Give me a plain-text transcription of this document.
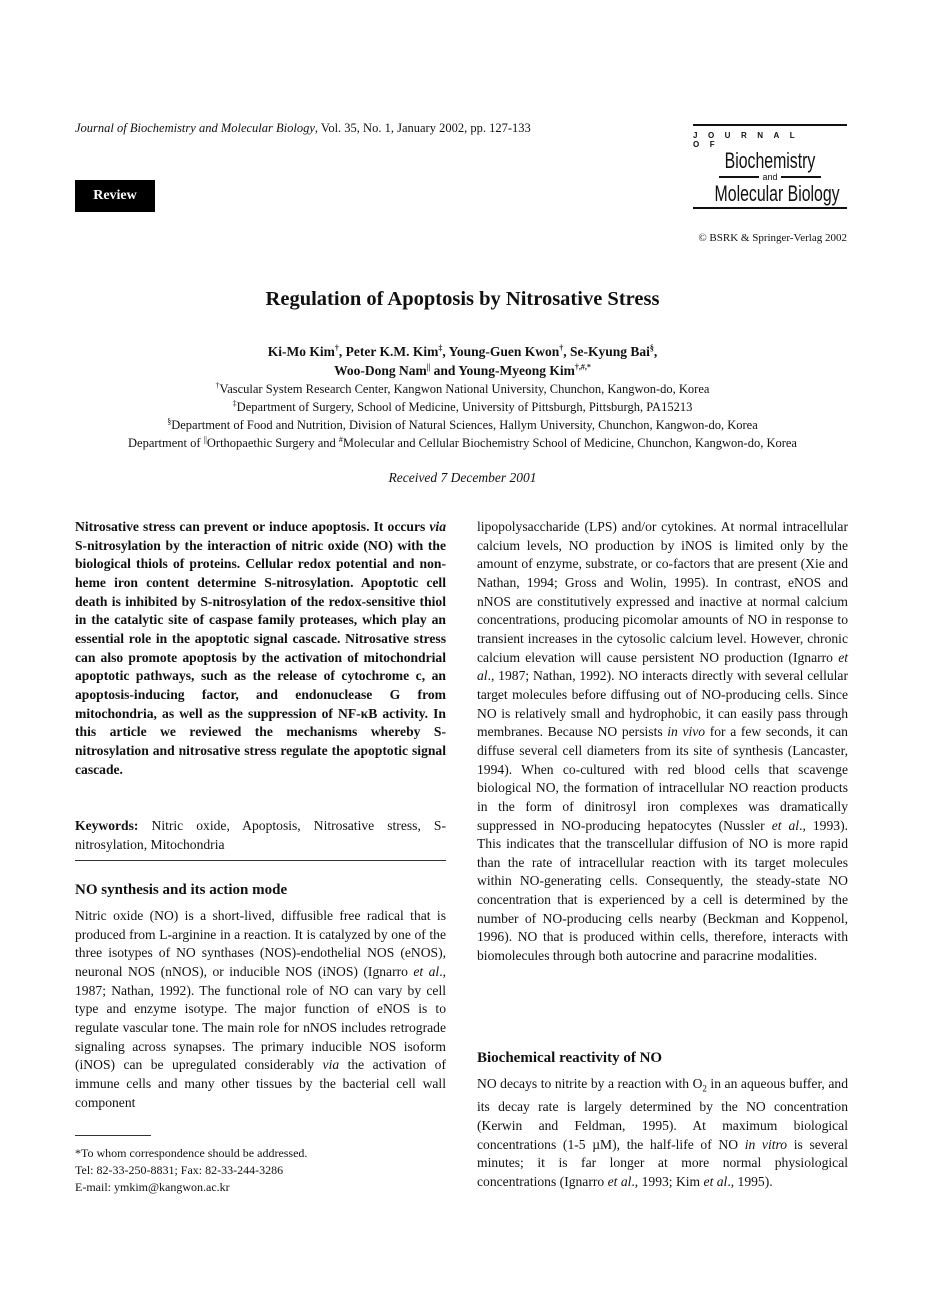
Journal of Biochemistry and Molecular Biology, Vol. 35, No. 1, January 2002, pp. 127-133
Review
JOURNAL OF
Biochemistry
and
Molecular Biology
© BSRK & Springer-Verlag 2002
Regulation of Apoptosis by Nitrosative Stress
Ki-Mo Kim†, Peter K.M. Kim‡, Young-Guen Kwon†, Se-Kyung Bai§,
Woo-Dong Nam|| and Young-Myeong Kim†,#,*
†Vascular System Research Center, Kangwon National University, Chunchon, Kangwon-do, Korea
‡Department of Surgery, School of Medicine, University of Pittsburgh, Pittsburgh, PA15213
§Department of Food and Nutrition, Division of Natural Sciences, Hallym University, Chunchon, Kangwon-do, Korea
Department of ||Orthopaethic Surgery and #Molecular and Cellular Biochemistry School of Medicine, Chunchon, Kangwon-do, Korea
Received 7 December 2001
Nitrosative stress can prevent or induce apoptosis. It occurs via S-nitrosylation by the interaction of nitric oxide (NO) with the biological thiols of proteins. Cellular redox potential and non-heme iron content determine S-nitrosylation. Apoptotic cell death is inhibited by S-nitrosylation of the redox-sensitive thiol in the catalytic site of caspase family proteases, which play an essential role in the apoptotic signal cascade. Nitrosative stress can also promote apoptosis by the activation of mitochondrial apoptotic pathways, such as the release of cytochrome c, an apoptosis-inducing factor, and endonuclease G from mitochondria, as well as the suppression of NF-κB activity. In this article we reviewed the mechanisms whereby S-nitrosylation and nitrosative stress regulate the apoptotic signal cascade.
Keywords: Nitric oxide, Apoptosis, Nitrosative stress, S-nitrosylation, Mitochondria
NO synthesis and its action mode
Nitric oxide (NO) is a short-lived, diffusible free radical that is produced from L-arginine in a reaction. It is catalyzed by one of the three isotypes of NO synthases (NOS)-endothelial NOS (eNOS), neuronal NOS (nNOS), or inducible NOS (iNOS) (Ignarro et al., 1987; Nathan, 1992). The functional role of NO can vary by cell type and enzyme isotype. The major function of eNOS is to regulate vascular tone. The main role for nNOS includes retrograde signaling across synapses. The primary inducible NOS isoform (iNOS) can be upregulated considerably via the activation of immune cells and many other tissues by the bacterial cell wall component
*To whom correspondence should be addressed.
Tel: 82-33-250-8831; Fax: 82-33-244-3286
E-mail: ymkim@kangwon.ac.kr
lipopolysaccharide (LPS) and/or cytokines. At normal intracellular calcium levels, NO production by iNOS is limited only by the amount of enzyme, substrate, or co-factors that are present (Xie and Nathan, 1994; Gross and Wolin, 1995). In contrast, eNOS and nNOS are constitutively expressed and inactive at normal calcium concentrations, producing picomolar amounts of NO in response to transient increases in the cytosolic calcium level. However, chronic calcium elevation will cause persistent NO production (Ignarro et al., 1987; Nathan, 1992). NO interacts directly with several cellular target molecules before diffusing out of NO-producing cells. Since NO is relatively small and hydrophobic, it can easily pass through membranes. Because NO persists in vivo for a few seconds, it can diffuse several cell diameters from its site of synthesis (Lancaster, 1994). When co-cultured with red blood cells that scavenge biological NO, the formation of intracellular NO reaction products in the form of dinitrosyl iron complexes was dramatically suppressed in NO-producing hepatocytes (Nussler et al., 1993). This indicates that the transcellular diffusion of NO is more rapid than the rate of intracellular reaction with its target molecules within NO-generating cells. Consequently, the steady-state NO concentration that is experienced by a cell is determined by the number of NO-producing cells nearby (Beckman and Koppenol, 1996). NO that is produced within cells, therefore, interacts with biomolecules through both autocrine and paracrine modalities.
Biochemical reactivity of NO
NO decays to nitrite by a reaction with $O_2$ in an aqueous buffer, and its decay rate is largely determined by the NO concentration (Kerwin and Feldman, 1995). At maximum biological concentrations (1-5 µM), the half-life of NO in vitro is several minutes; it is far longer at more normal physiological concentrations (Ignarro et al., 1993; Kim et al., 1995).
